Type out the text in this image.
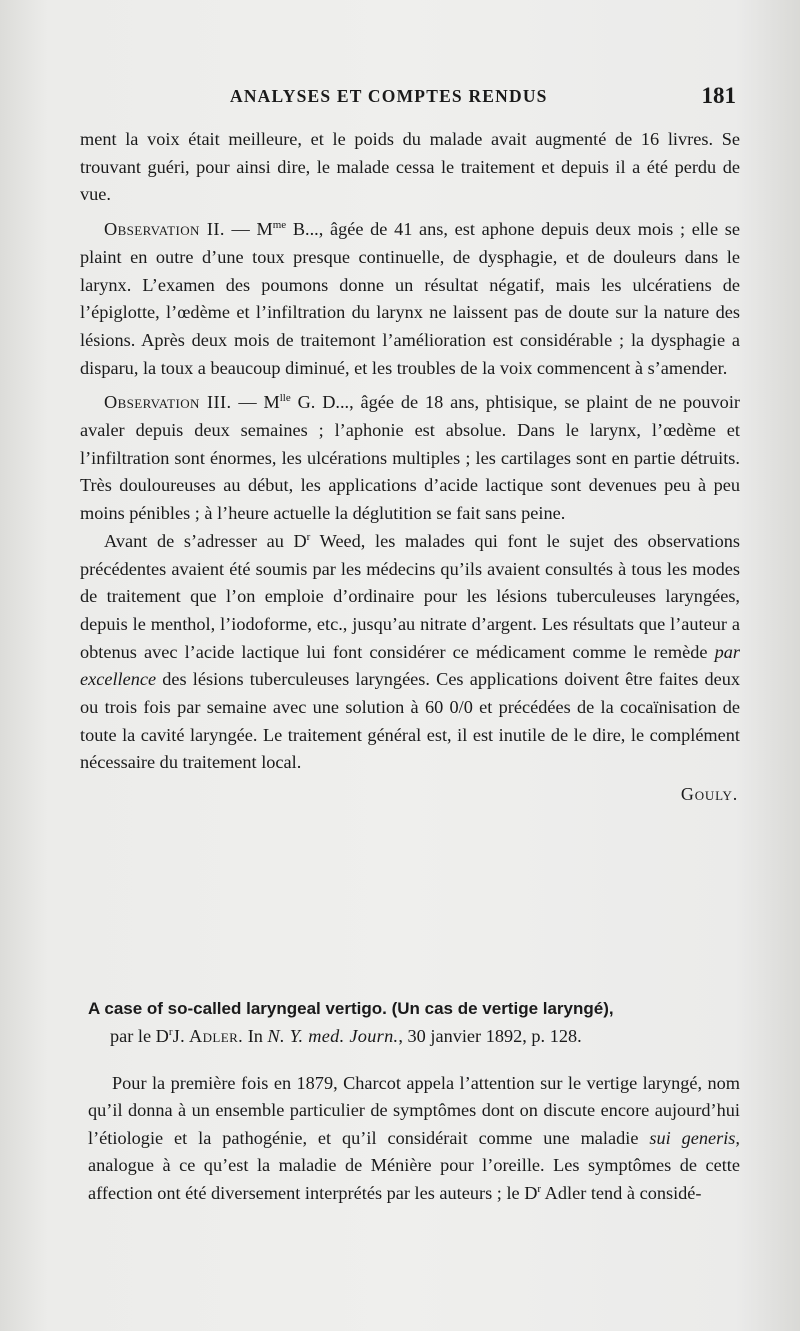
ANALYSES ET COMPTES RENDUS	181

ment la voix était meilleure, et le poids du malade avait augmenté de 16 livres. Se trouvant guéri, pour ainsi dire, le malade cessa le traitement et depuis il a été perdu de vue.

Observation II. — $M^{me}$ B..., âgée de 41 ans, est aphone depuis deux mois ; elle se plaint en outre d’une toux presque continuelle, de dysphagie, et de douleurs dans le larynx. L’examen des poumons donne un résultat négatif, mais les ulcératiens de l’épiglotte, l’œdème et l’infiltration du larynx ne laissent pas de doute sur la nature des lésions. Après deux mois de traitemont l’amélioration est considérable ; la dysphagie a disparu, la toux a beaucoup diminué, et les troubles de la voix commencent à s’amender.

Observation III. — $M^{lle}$ G. D..., âgée de 18 ans, phtisique, se plaint de ne pouvoir avaler depuis deux semaines ; l’aphonie est absolue. Dans le larynx, l’œdème et l’infiltration sont énormes, les ulcérations multiples ; les cartilages sont en partie détruits. Très douloureuses au début, les applications d’acide lactique sont devenues peu à peu moins pénibles ; à l’heure actuelle la déglutition se fait sans peine.

Avant de s’adresser au $D^r$ Weed, les malades qui font le sujet des observations précédentes avaient été soumis par les médecins qu’ils avaient consultés à tous les modes de traitement que l’on emploie d’ordinaire pour les lésions tuberculeuses laryngées, depuis le menthol, l’iodoforme, etc., jusqu’au nitrate d’argent. Les résultats que l’auteur a obtenus avec l’acide lactique lui font considérer ce médicament comme le remède par excellence des lésions tuberculeuses laryngées. Ces applications doivent être faites deux ou trois fois par semaine avec une solution à 60 0/0 et précédées de la cocaïnisation de toute la cavité laryngée. Le traitement général est, il est inutile de le dire, le complément nécessaire du traitement local.

Gouly.

A case of so-called laryngeal vertigo. (Un cas de vertige laryngé),
par le $D^rJ$. Adler. In N. Y. med. Journ., 30 janvier 1892, p. 128.

Pour la première fois en 1879, Charcot appela l’attention sur le vertige laryngé, nom qu’il donna à un ensemble particulier de symptômes dont on discute encore aujourd’hui l’étiologie et la pathogénie, et qu’il considérait comme une maladie sui generis, analogue à ce qu’est la maladie de Ménière pour l’oreille. Les symptômes de cette affection ont été diversement interprétés par les auteurs ; le $D^r$ Adler tend à considé-
